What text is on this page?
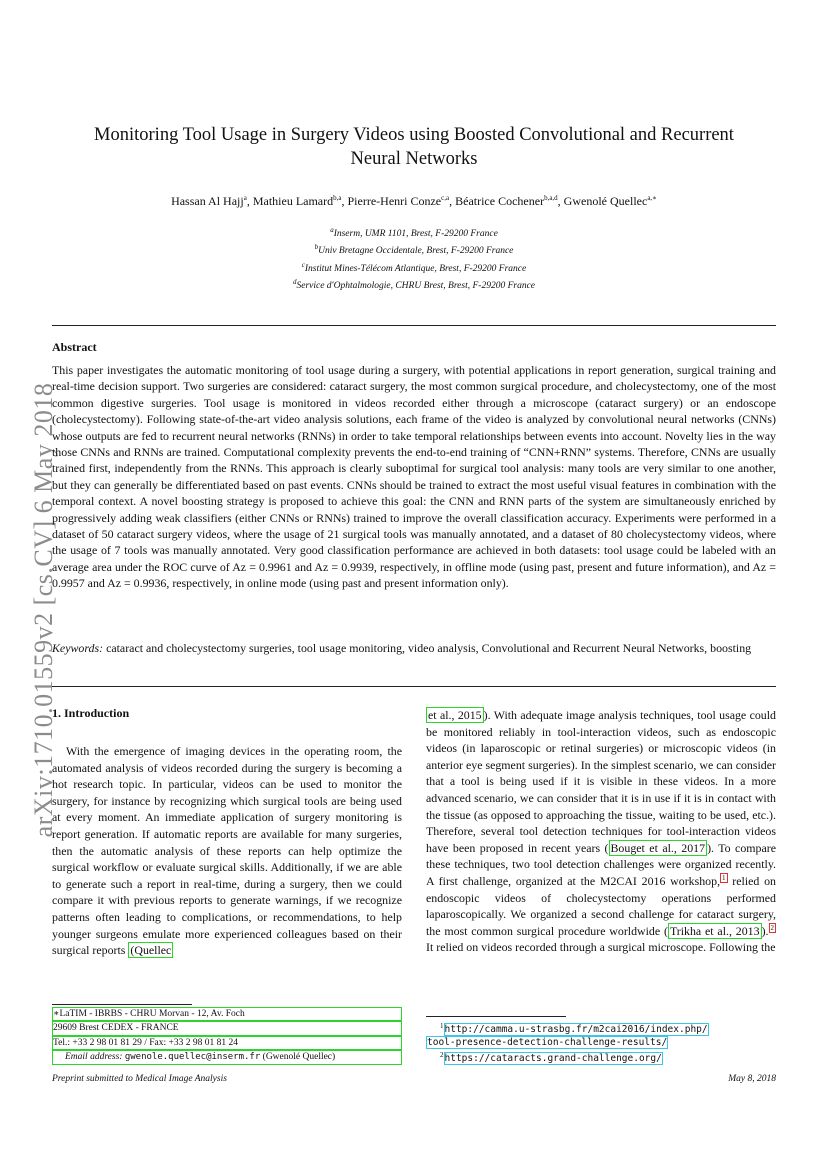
arXiv:1710.01559v2 [cs.CV] 6 May 2018
Monitoring Tool Usage in Surgery Videos using Boosted Convolutional and Recurrent
Neural Networks
Hassan Al Hajj$^a$, Mathieu Lamard$^{b,a}$, Pierre-Henri Conze$^{c,a}$, Béatrice Cochener$^{b,a,d}$, Gwenolé Quellec$^{a,∗}$
$^a$Inserm, UMR 1101, Brest, F-29200 France
$^b$Univ Bretagne Occidentale, Brest, F-29200 France
$^c$Institut Mines-Télécom Atlantique, Brest, F-29200 France
$^d$Service d'Ophtalmologie, CHRU Brest, Brest, F-29200 France
Abstract
This paper investigates the automatic monitoring of tool usage during a surgery, with potential applications in report generation, surgical training and real-time decision support. Two surgeries are considered: cataract surgery, the most common surgical procedure, and cholecystectomy, one of the most common digestive surgeries. Tool usage is monitored in videos recorded either through a microscope (cataract surgery) or an endoscope (cholecystectomy). Following state-of-the-art video analysis solutions, each frame of the video is analyzed by convolutional neural networks (CNNs) whose outputs are fed to recurrent neural networks (RNNs) in order to take temporal relationships between events into account. Novelty lies in the way those CNNs and RNNs are trained. Computational complexity prevents the end-to-end training of “CNN+RNN” systems. Therefore, CNNs are usually trained first, independently from the RNNs. This approach is clearly suboptimal for surgical tool analysis: many tools are very similar to one another, but they can generally be differentiated based on past events. CNNs should be trained to extract the most useful visual features in combination with the temporal context. A novel boosting strategy is proposed to achieve this goal: the CNN and RNN parts of the system are simultaneously enriched by progressively adding weak classifiers (either CNNs or RNNs) trained to improve the overall classification accuracy. Experiments were performed in a dataset of 50 cataract surgery videos, where the usage of 21 surgical tools was manually annotated, and a dataset of 80 cholecystectomy videos, where the usage of 7 tools was manually annotated. Very good classification performance are achieved in both datasets: tool usage could be labeled with an average area under the ROC curve of Az = 0.9961 and Az = 0.9939, respectively, in offline mode (using past, present and future information), and Az = 0.9957 and Az = 0.9936, respectively, in online mode (using past and present information only).
Keywords: cataract and cholecystectomy surgeries, tool usage monitoring, video analysis, Convolutional and Recurrent Neural Networks, boosting
1. Introduction

With the emergence of imaging devices in the operating room, the automated analysis of videos recorded during the surgery is becoming a hot research topic. In particular, videos can be used to monitor the surgery, for instance by recognizing which surgical tools are being used at every moment. An immediate application of surgery monitoring is report generation. If automatic reports are available for many surgeries, then the automatic analysis of these reports can help optimize the surgical workflow or evaluate surgical skills. Additionally, if we are able to generate such a report in real-time, during a surgery, then we could compare it with previous reports to generate warnings, if we recognize patterns often leading to complications, or recommendations, to help younger surgeons emulate more experienced colleagues based on their surgical reports (Quellec

et al., 2015 ). With adequate image analysis techniques, tool usage could be monitored reliably in tool-interaction videos, such as endoscopic videos (in laparoscopic or retinal surgeries) or microscopic videos (in anterior eye segment surgeries). In the simplest scenario, we can consider that a tool is being used if it is visible in these videos. In a more advanced scenario, we can consider that it is in use if it is in contact with the tissue (as opposed to approaching the tissue, waiting to be used, etc.). Therefore, several tool detection techniques for tool-interaction videos have been proposed in recent years ( Bouget et al., 2017 ). To compare these techniques, two tool detection challenges were organized recently. A first challenge, organized at the M2CAI 2016 workshop, $^1$ relied on endoscopic videos of cholecystectomy operations performed laparoscopically. We organized a second challenge for cataract surgery, the most common surgical procedure worldwide ( Trikha et al., 2013 ). $^2$ It relied on videos recorded through a surgical microscope. Following the

∗LaTIM - IBRBS - CHRU Morvan - 12, Av. Foch
29609 Brest CEDEX - FRANCE
Tel.: +33 2 98 01 81 29 / Fax: +33 2 98 01 81 24
Email address: gwenole.quellec@inserm.fr (Gwenolé Quellec)
$^1$http://camma.u-strasbg.fr/m2cai2016/index.php/
tool-presence-detection-challenge-results/
$^2$https://cataracts.grand-challenge.org/
Preprint submitted to Medical Image Analysis	May 8, 2018
